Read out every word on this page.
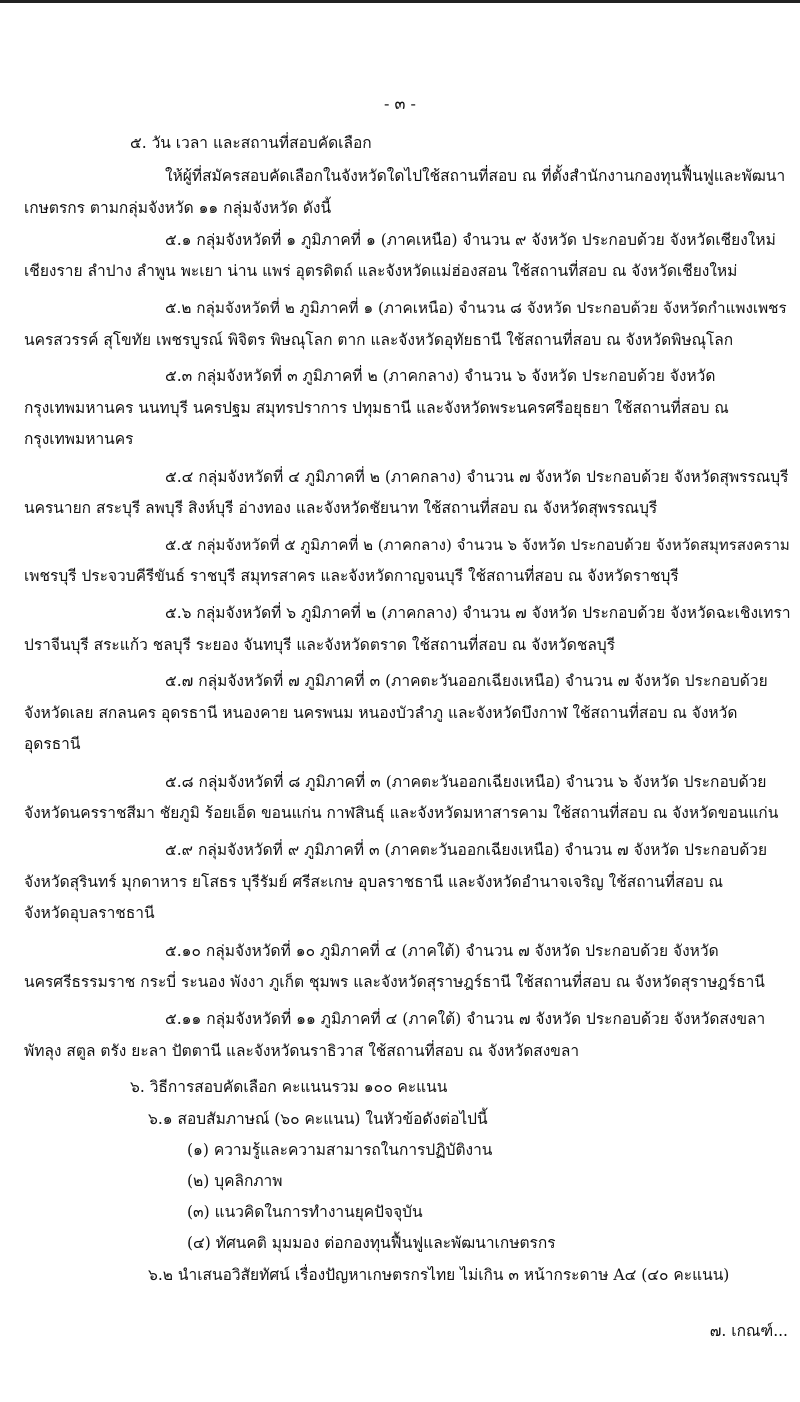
- ๓ -
๕. วัน เวลา และสถานที่สอบคัดเลือก
ให้ผู้ที่สมัครสอบคัดเลือกในจังหวัดใดไปใช้สถานที่สอบ ณ ที่ตั้งสำนักงานกองทุนฟื้นฟูและพัฒนา
เกษตรกร ตามกลุ่มจังหวัด ๑๑ กลุ่มจังหวัด ดังนี้
๕.๑ กลุ่มจังหวัดที่ ๑ ภูมิภาคที่ ๑ (ภาคเหนือ) จำนวน ๙ จังหวัด ประกอบด้วย จังหวัดเชียงใหม่
เชียงราย ลำปาง ลำพูน พะเยา น่าน แพร่ อุตรดิตถ์ และจังหวัดแม่ฮ่องสอน ใช้สถานที่สอบ ณ จังหวัดเชียงใหม่
๕.๒ กลุ่มจังหวัดที่ ๒ ภูมิภาคที่ ๑ (ภาคเหนือ) จำนวน ๘ จังหวัด ประกอบด้วย จังหวัดกำแพงเพชร
นครสวรรค์ สุโขทัย เพชรบูรณ์ พิจิตร พิษณุโลก ตาก และจังหวัดอุทัยธานี ใช้สถานที่สอบ ณ จังหวัดพิษณุโลก
๕.๓ กลุ่มจังหวัดที่ ๓ ภูมิภาคที่ ๒ (ภาคกลาง) จำนวน ๖ จังหวัด ประกอบด้วย จังหวัด
กรุงเทพมหานคร นนทบุรี นครปฐม สมุทรปราการ ปทุมธานี และจังหวัดพระนครศรีอยุธยา ใช้สถานที่สอบ ณ
กรุงเทพมหานคร
๕.๔ กลุ่มจังหวัดที่ ๔ ภูมิภาคที่ ๒ (ภาคกลาง) จำนวน ๗ จังหวัด ประกอบด้วย จังหวัดสุพรรณบุรี
นครนายก สระบุรี ลพบุรี สิงห์บุรี อ่างทอง และจังหวัดชัยนาท ใช้สถานที่สอบ ณ จังหวัดสุพรรณบุรี
๕.๕ กลุ่มจังหวัดที่ ๕ ภูมิภาคที่ ๒ (ภาคกลาง) จำนวน ๖ จังหวัด ประกอบด้วย จังหวัดสมุทรสงคราม
เพชรบุรี ประจวบคีรีขันธ์ ราชบุรี สมุทรสาคร และจังหวัดกาญจนบุรี ใช้สถานที่สอบ ณ จังหวัดราชบุรี
๕.๖ กลุ่มจังหวัดที่ ๖ ภูมิภาคที่ ๒ (ภาคกลาง) จำนวน ๗ จังหวัด ประกอบด้วย จังหวัดฉะเชิงเทรา
ปราจีนบุรี สระแก้ว ชลบุรี ระยอง จันทบุรี และจังหวัดตราด ใช้สถานที่สอบ ณ จังหวัดชลบุรี
๕.๗ กลุ่มจังหวัดที่ ๗ ภูมิภาคที่ ๓ (ภาคตะวันออกเฉียงเหนือ) จำนวน ๗ จังหวัด ประกอบด้วย
จังหวัดเลย สกลนคร อุดรธานี หนองคาย นครพนม หนองบัวลำภู และจังหวัดบึงกาฬ ใช้สถานที่สอบ ณ จังหวัด
อุดรธานี
๕.๘ กลุ่มจังหวัดที่ ๘ ภูมิภาคที่ ๓ (ภาคตะวันออกเฉียงเหนือ) จำนวน ๖ จังหวัด ประกอบด้วย
จังหวัดนครราชสีมา ชัยภูมิ ร้อยเอ็ด ขอนแก่น กาฬสินธุ์ และจังหวัดมหาสารคาม ใช้สถานที่สอบ ณ จังหวัดขอนแก่น
๕.๙ กลุ่มจังหวัดที่ ๙ ภูมิภาคที่ ๓ (ภาคตะวันออกเฉียงเหนือ) จำนวน ๗ จังหวัด ประกอบด้วย
จังหวัดสุรินทร์ มุกดาหาร ยโสธร บุรีรัมย์ ศรีสะเกษ อุบลราชธานี และจังหวัดอำนาจเจริญ ใช้สถานที่สอบ ณ
จังหวัดอุบลราชธานี
๕.๑๐ กลุ่มจังหวัดที่ ๑๐ ภูมิภาคที่ ๔ (ภาคใต้) จำนวน ๗ จังหวัด ประกอบด้วย จังหวัด
นครศรีธรรมราช กระบี่ ระนอง พังงา ภูเก็ต ชุมพร และจังหวัดสุราษฎร์ธานี ใช้สถานที่สอบ ณ จังหวัดสุราษฎร์ธานี
๕.๑๑ กลุ่มจังหวัดที่ ๑๑ ภูมิภาคที่ ๔ (ภาคใต้) จำนวน ๗ จังหวัด ประกอบด้วย จังหวัดสงขลา
พัทลุง สตูล ตรัง ยะลา ปัตตานี และจังหวัดนราธิวาส ใช้สถานที่สอบ ณ จังหวัดสงขลา
๖. วิธีการสอบคัดเลือก คะแนนรวม ๑๐๐ คะแนน
๖.๑ สอบสัมภาษณ์ (๖๐ คะแนน) ในหัวข้อดังต่อไปนี้
(๑) ความรู้และความสามารถในการปฏิบัติงาน
(๒) บุคลิกภาพ
(๓) แนวคิดในการทำงานยุคปัจจุบัน
(๔) ทัศนคติ มุมมอง ต่อกองทุนฟื้นฟูและพัฒนาเกษตรกร
๖.๒ นำเสนอวิสัยทัศน์ เรื่องปัญหาเกษตรกรไทย ไม่เกิน ๓ หน้ากระดาษ A๔ (๔๐ คะแนน)
๗. เกณฑ์...
